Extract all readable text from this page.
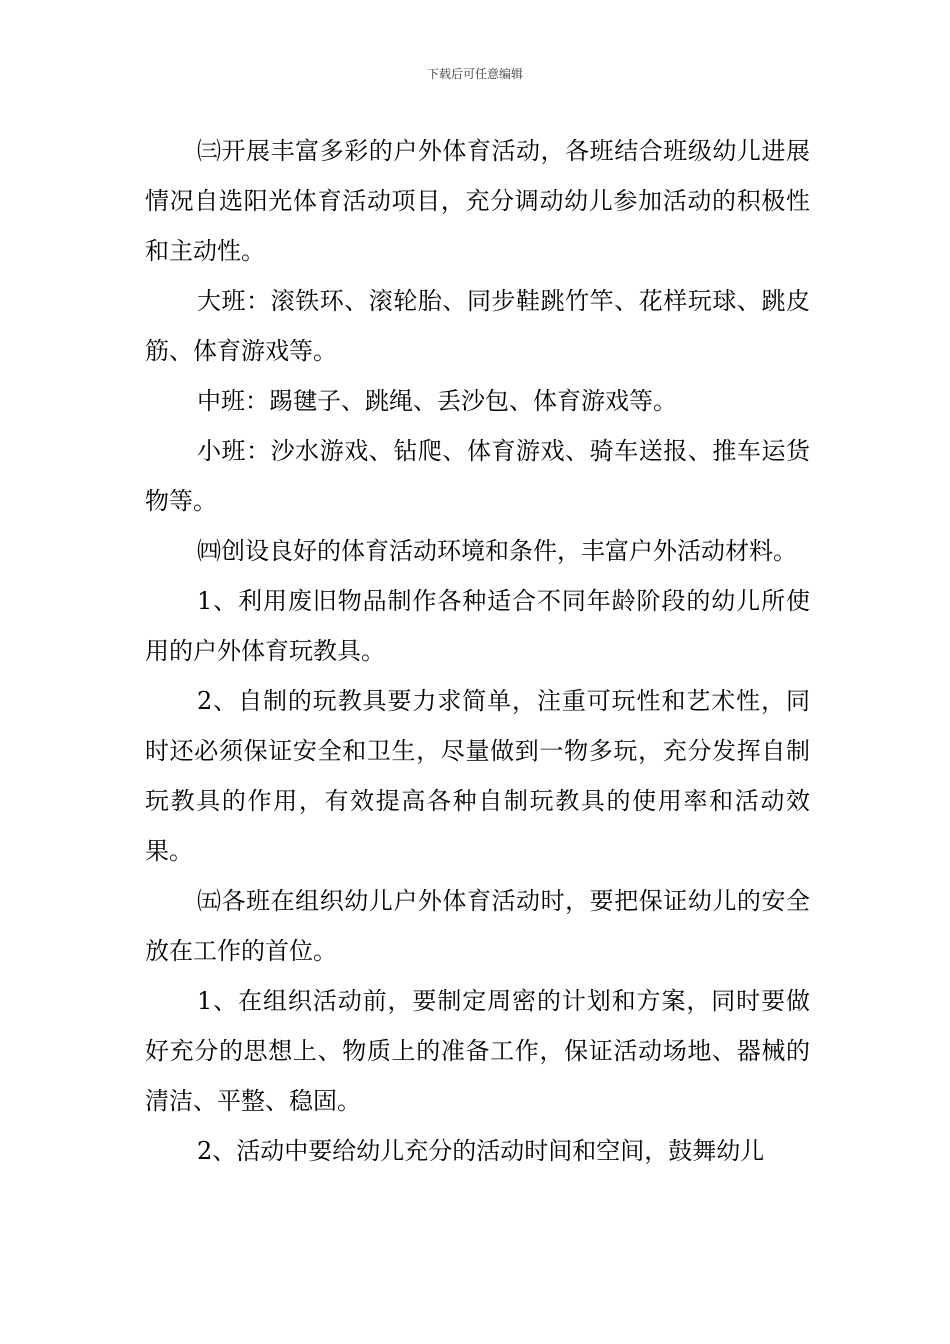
下载后可任意编辑

㈢开展丰富多彩的户外体育活动，各班结合班级幼儿进展情况自选阳光体育活动项目，充分调动幼儿参加活动的积极性和主动性。

大班：滚铁环、滚轮胎、同步鞋跳竹竿、花样玩球、跳皮筋、体育游戏等。

中班：踢毽子、跳绳、丢沙包、体育游戏等。

小班：沙水游戏、钻爬、体育游戏、骑车送报、推车运货物等。

㈣创设良好的体育活动环境和条件，丰富户外活动材料。

1、利用废旧物品制作各种适合不同年龄阶段的幼儿所使用的户外体育玩教具。

2、自制的玩教具要力求简单，注重可玩性和艺术性，同时还必须保证安全和卫生，尽量做到一物多玩，充分发挥自制玩教具的作用，有效提高各种自制玩教具的使用率和活动效果。

㈤各班在组织幼儿户外体育活动时，要把保证幼儿的安全放在工作的首位。

1、在组织活动前，要制定周密的计划和方案，同时要做好充分的思想上、物质上的准备工作，保证活动场地、器械的清洁、平整、稳固。

2、活动中要给幼儿充分的活动时间和空间，鼓舞幼儿
